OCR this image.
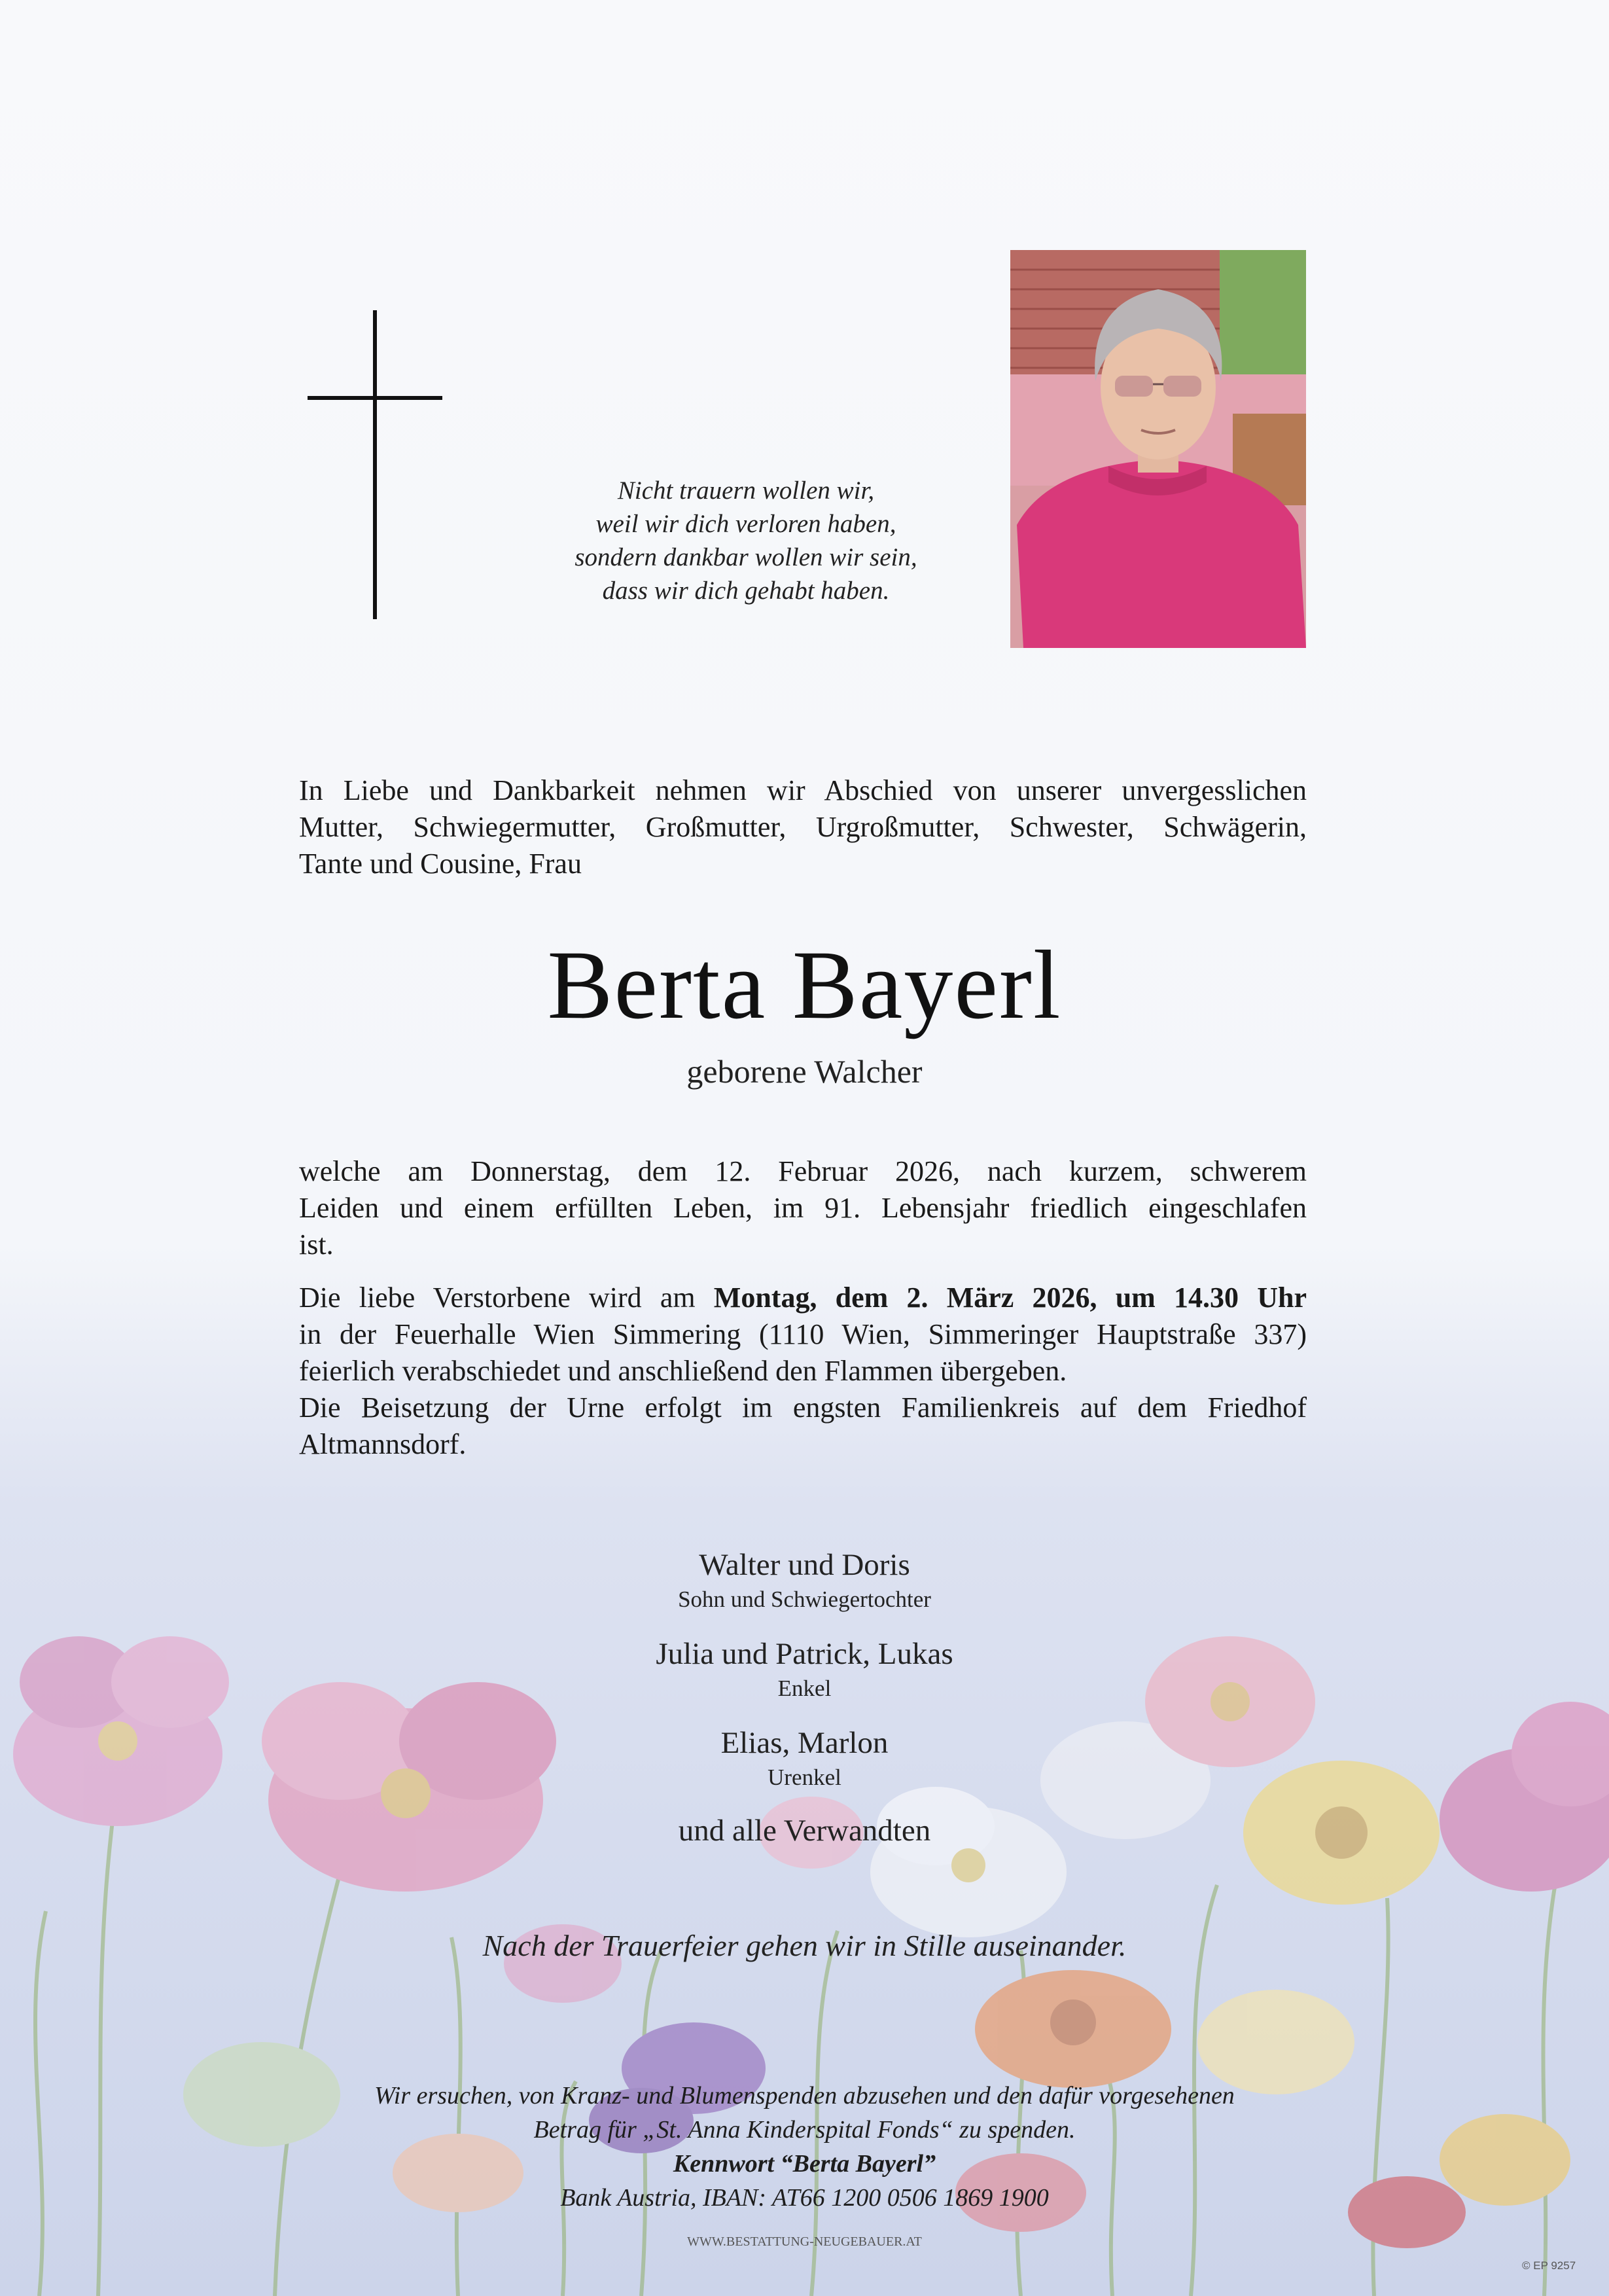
Nicht trauern wollen wir,
weil wir dich verloren haben,
sondern dankbar wollen wir sein,
dass wir dich gehabt haben.
In Liebe und Dankbarkeit nehmen wir Abschied von unserer unvergesslichen
Mutter, Schwiegermutter, Großmutter, Urgroßmutter, Schwester, Schwägerin,
Tante und Cousine, Frau
Berta Bayerl
geborene Walcher
welche am Donnerstag, dem 12. Februar 2026, nach kurzem, schwerem
Leiden und einem erfüllten Leben, im 91. Lebensjahr friedlich eingeschlafen
ist.
Die liebe Verstorbene wird am Montag, dem 2. März 2026, um 14.30 Uhr
in der Feuerhalle Wien Simmering (1110 Wien, Simmeringer Hauptstraße 337)
feierlich verabschiedet und anschließend den Flammen übergeben.
Die Beisetzung der Urne erfolgt im engsten Familienkreis auf dem Friedhof
Altmannsdorf.
Walter und Doris
Sohn und Schwiegertochter
Julia und Patrick, Lukas
Enkel
Elias, Marlon
Urenkel
und alle Verwandten
Nach der Trauerfeier gehen wir in Stille auseinander.
Wir ersuchen, von Kranz- und Blumenspenden abzusehen und den dafür vorgesehenen
Betrag für „St. Anna Kinderspital Fonds“ zu spenden.
Kennwort “Berta Bayerl”
Bank Austria, IBAN: AT66 1200 0506 1869 1900
WWW.BESTATTUNG-NEUGEBAUER.AT
© EP 9257
